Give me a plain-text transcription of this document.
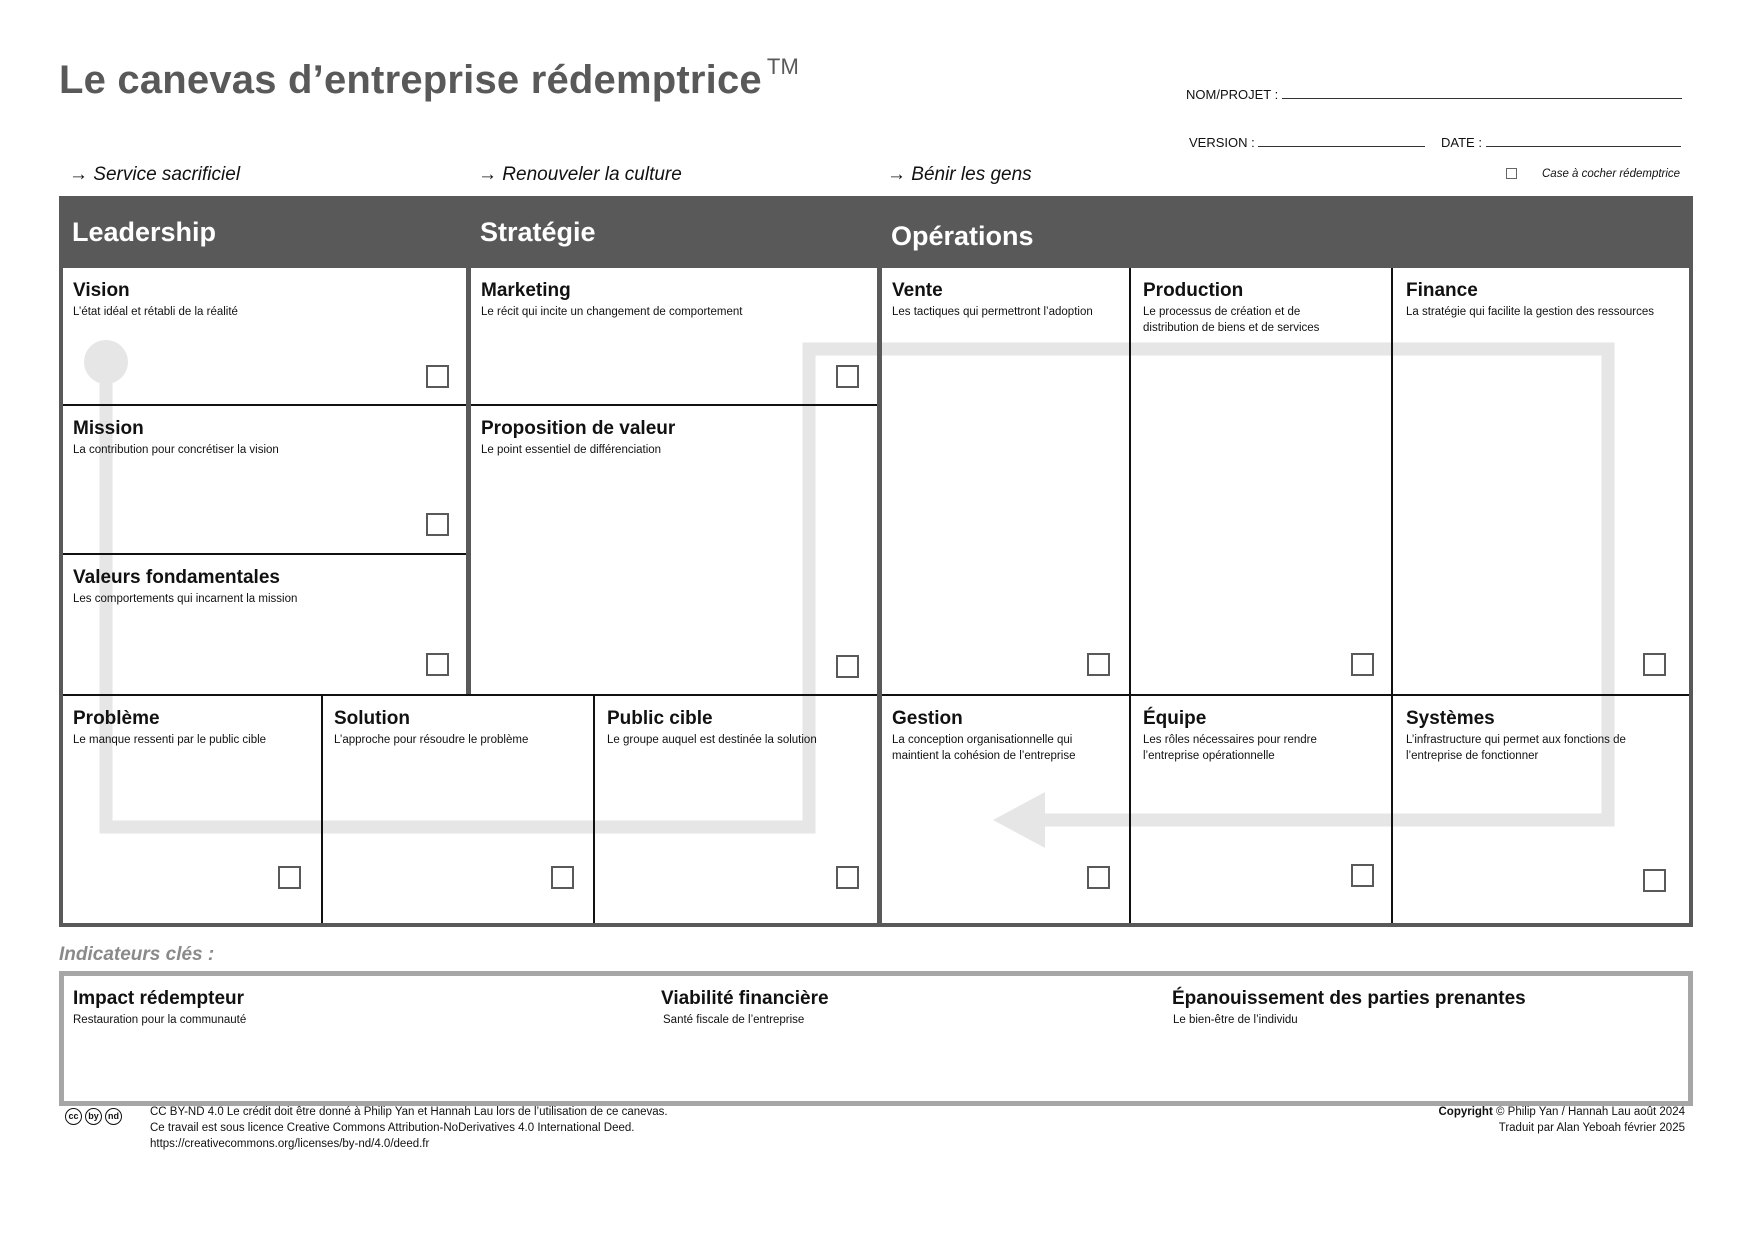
Le canevas d’entreprise rédemptrice ™
NOM/PROJET :
VERSION :	DATE :
→ Service sacrificiel	→ Renouveler la culture	→ Bénir les gens	Case à cocher rédemptrice
Leadership	Stratégie	Opérations
Vision
L’état idéal et rétabli de la réalité
Mission
La contribution pour concrétiser la vision
Valeurs fondamentales
Les comportements qui incarnent la mission
Marketing
Le récit qui incite un changement de comportement
Proposition de valeur
Le point essentiel de différenciation
Vente
Les tactiques qui permettront l’adoption
Production
Le processus de création et de distribution de biens et de services
Finance
La stratégie qui facilite la gestion des ressources
Problème
Le manque ressenti par le public cible
Solution
L’approche pour résoudre le problème
Public cible
Le groupe auquel est destinée la solution
Gestion
La conception organisationnelle qui maintient la cohésion de l’entreprise
Équipe
Les rôles nécessaires pour rendre l’entreprise opérationnelle
Systèmes
L’infrastructure qui permet aux fonctions de l’entreprise de fonctionner
Indicateurs clés :
Impact rédempteur
Restauration pour la communauté
Viabilité financière
Santé fiscale de l’entreprise
Épanouissement des parties prenantes
Le bien-être de l’individu
cc	by	nd	CC BY-ND 4.0 Le crédit doit être donné à Philip Yan et Hannah Lau lors de l’utilisation de ce canevas.
Ce travail est sous licence Creative Commons Attribution-NoDerivatives 4.0 International Deed.
https://creativecommons.org/licenses/by-nd/4.0/deed.fr
Copyright © Philip Yan / Hannah Lau août 2024
Traduit par Alan Yeboah février 2025
